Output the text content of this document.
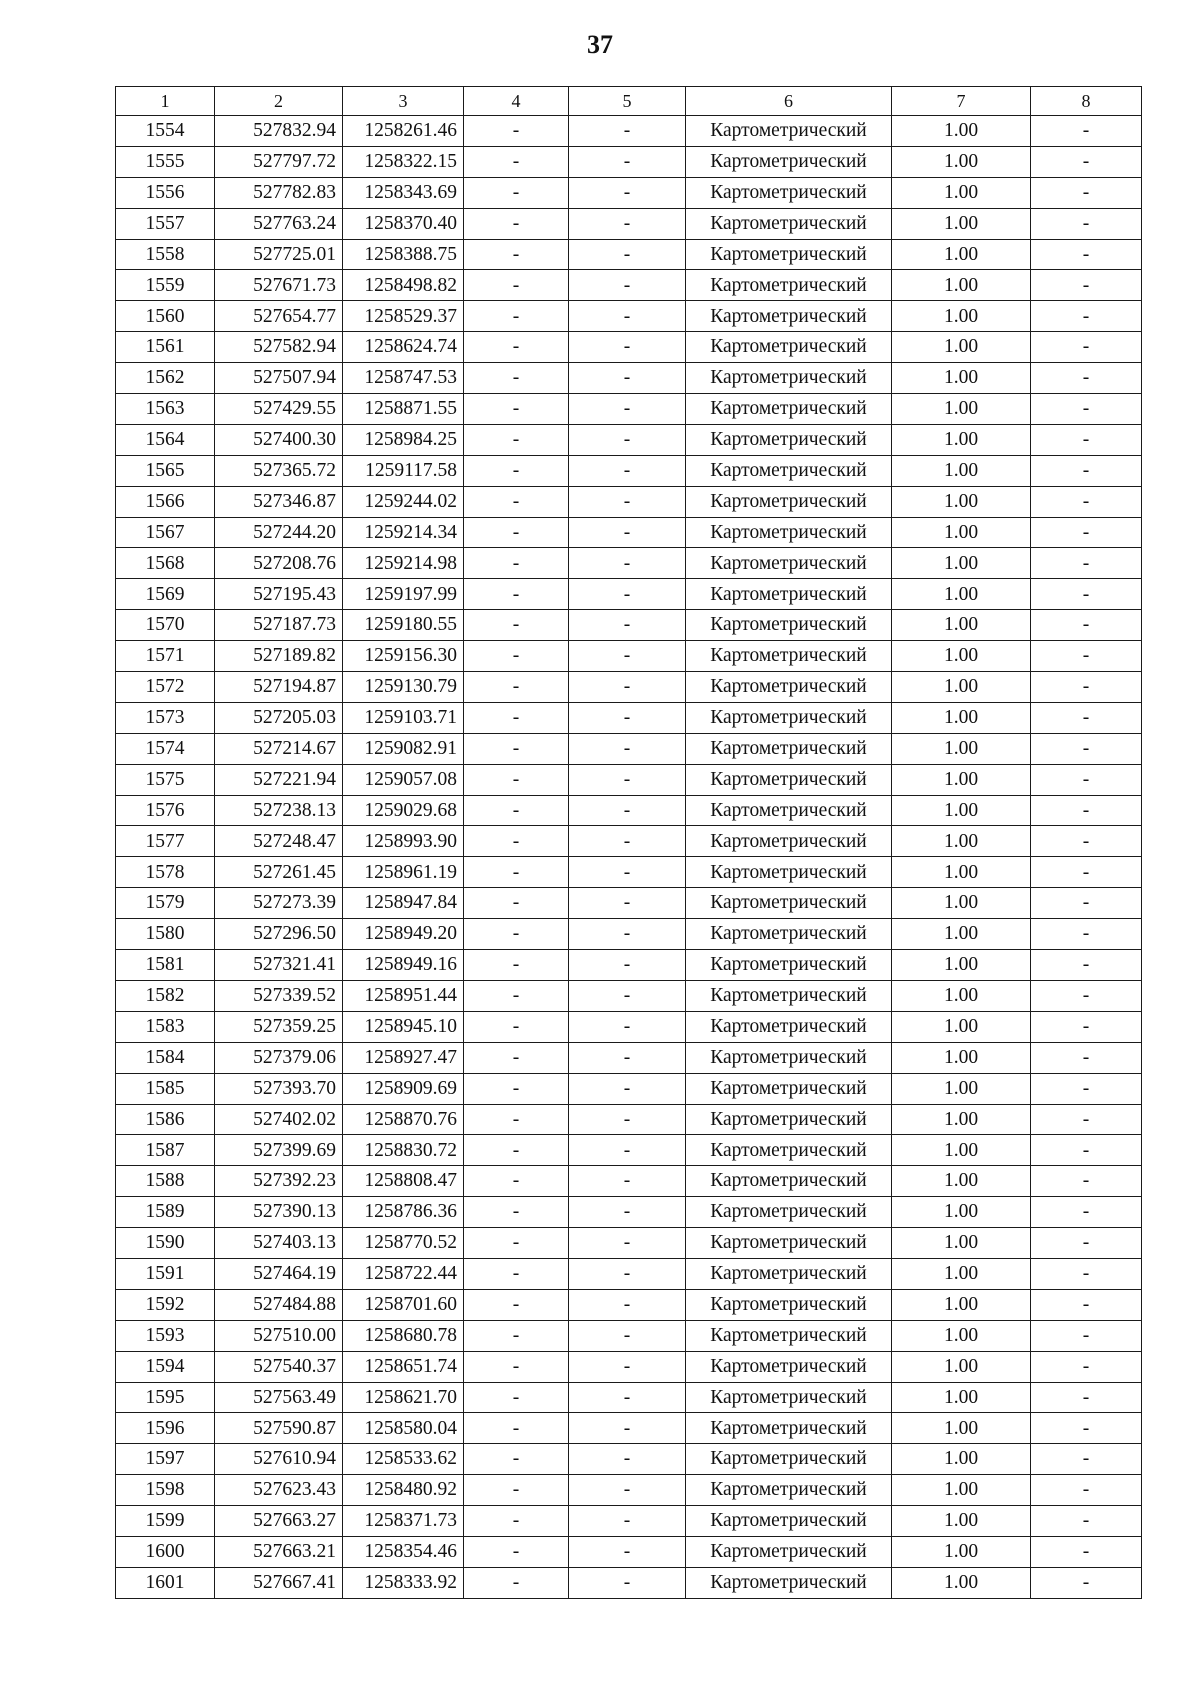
37
1	2	3	4	5	6	7	8
1554	527832.94	1258261.46	-	-	Картометрический	1.00	-
1555	527797.72	1258322.15	-	-	Картометрический	1.00	-
1556	527782.83	1258343.69	-	-	Картометрический	1.00	-
1557	527763.24	1258370.40	-	-	Картометрический	1.00	-
1558	527725.01	1258388.75	-	-	Картометрический	1.00	-
1559	527671.73	1258498.82	-	-	Картометрический	1.00	-
1560	527654.77	1258529.37	-	-	Картометрический	1.00	-
1561	527582.94	1258624.74	-	-	Картометрический	1.00	-
1562	527507.94	1258747.53	-	-	Картометрический	1.00	-
1563	527429.55	1258871.55	-	-	Картометрический	1.00	-
1564	527400.30	1258984.25	-	-	Картометрический	1.00	-
1565	527365.72	1259117.58	-	-	Картометрический	1.00	-
1566	527346.87	1259244.02	-	-	Картометрический	1.00	-
1567	527244.20	1259214.34	-	-	Картометрический	1.00	-
1568	527208.76	1259214.98	-	-	Картометрический	1.00	-
1569	527195.43	1259197.99	-	-	Картометрический	1.00	-
1570	527187.73	1259180.55	-	-	Картометрический	1.00	-
1571	527189.82	1259156.30	-	-	Картометрический	1.00	-
1572	527194.87	1259130.79	-	-	Картометрический	1.00	-
1573	527205.03	1259103.71	-	-	Картометрический	1.00	-
1574	527214.67	1259082.91	-	-	Картометрический	1.00	-
1575	527221.94	1259057.08	-	-	Картометрический	1.00	-
1576	527238.13	1259029.68	-	-	Картометрический	1.00	-
1577	527248.47	1258993.90	-	-	Картометрический	1.00	-
1578	527261.45	1258961.19	-	-	Картометрический	1.00	-
1579	527273.39	1258947.84	-	-	Картометрический	1.00	-
1580	527296.50	1258949.20	-	-	Картометрический	1.00	-
1581	527321.41	1258949.16	-	-	Картометрический	1.00	-
1582	527339.52	1258951.44	-	-	Картометрический	1.00	-
1583	527359.25	1258945.10	-	-	Картометрический	1.00	-
1584	527379.06	1258927.47	-	-	Картометрический	1.00	-
1585	527393.70	1258909.69	-	-	Картометрический	1.00	-
1586	527402.02	1258870.76	-	-	Картометрический	1.00	-
1587	527399.69	1258830.72	-	-	Картометрический	1.00	-
1588	527392.23	1258808.47	-	-	Картометрический	1.00	-
1589	527390.13	1258786.36	-	-	Картометрический	1.00	-
1590	527403.13	1258770.52	-	-	Картометрический	1.00	-
1591	527464.19	1258722.44	-	-	Картометрический	1.00	-
1592	527484.88	1258701.60	-	-	Картометрический	1.00	-
1593	527510.00	1258680.78	-	-	Картометрический	1.00	-
1594	527540.37	1258651.74	-	-	Картометрический	1.00	-
1595	527563.49	1258621.70	-	-	Картометрический	1.00	-
1596	527590.87	1258580.04	-	-	Картометрический	1.00	-
1597	527610.94	1258533.62	-	-	Картометрический	1.00	-
1598	527623.43	1258480.92	-	-	Картометрический	1.00	-
1599	527663.27	1258371.73	-	-	Картометрический	1.00	-
1600	527663.21	1258354.46	-	-	Картометрический	1.00	-
1601	527667.41	1258333.92	-	-	Картометрический	1.00	-
